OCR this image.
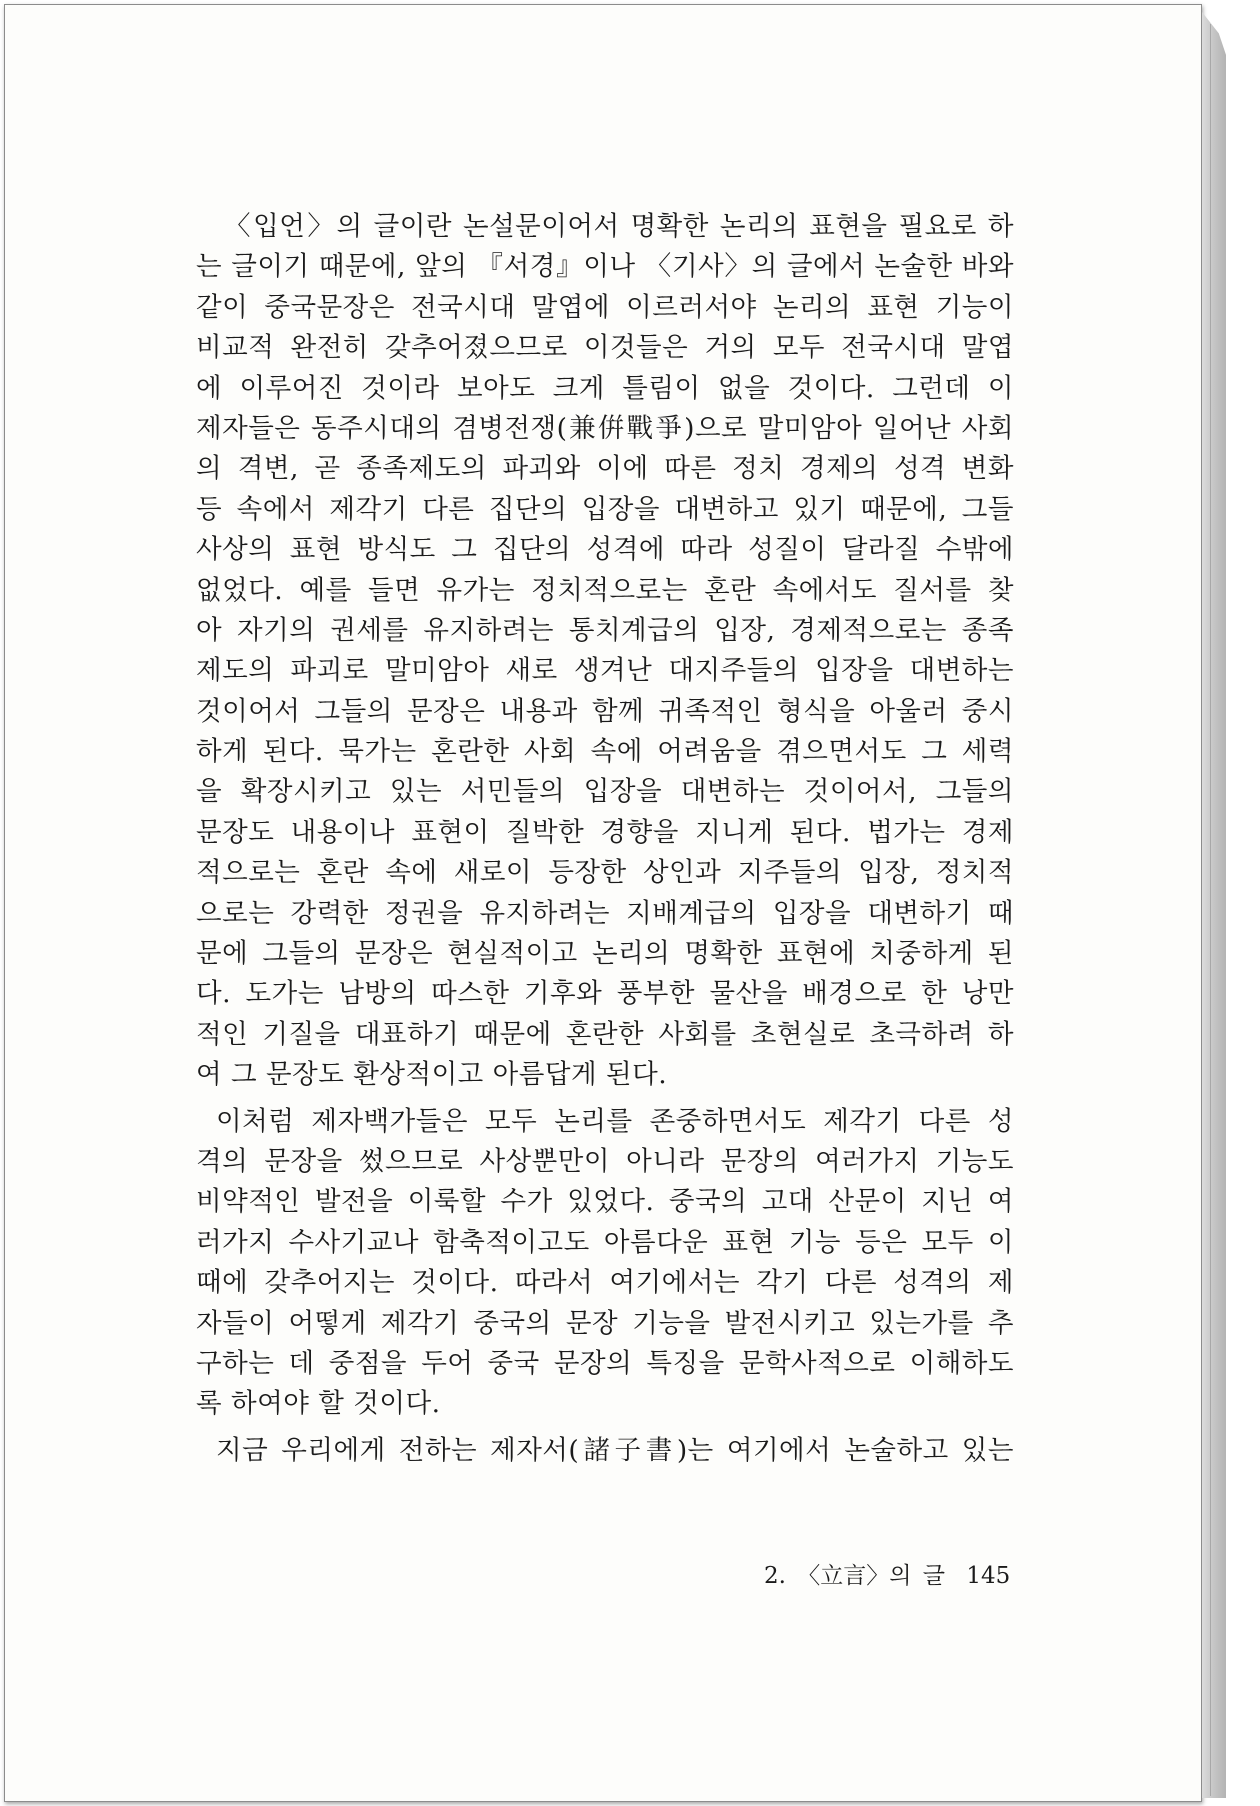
〈입언〉의 글이란 논설문이어서 명확한 논리의 표현을 필요로 하
는 글이기 때문에, 앞의 『서경』이나 〈기사〉의 글에서 논술한 바와
같이 중국문장은 전국시대 말엽에 이르러서야 논리의 표현 기능이
비교적 완전히 갖추어졌으므로 이것들은 거의 모두 전국시대 말엽
에 이루어진 것이라 보아도 크게 틀림이 없을 것이다. 그런데 이
제자들은 동주시대의 겸병전쟁(兼倂戰爭)으로 말미암아 일어난 사회
의 격변, 곧 종족제도의 파괴와 이에 따른 정치 경제의 성격 변화
등 속에서 제각기 다른 집단의 입장을 대변하고 있기 때문에, 그들
사상의 표현 방식도 그 집단의 성격에 따라 성질이 달라질 수밖에
없었다. 예를 들면 유가는 정치적으로는 혼란 속에서도 질서를 찾
아 자기의 권세를 유지하려는 통치계급의 입장, 경제적으로는 종족
제도의 파괴로 말미암아 새로 생겨난 대지주들의 입장을 대변하는
것이어서 그들의 문장은 내용과 함께 귀족적인 형식을 아울러 중시
하게 된다. 묵가는 혼란한 사회 속에 어려움을 겪으면서도 그 세력
을 확장시키고 있는 서민들의 입장을 대변하는 것이어서, 그들의
문장도 내용이나 표현이 질박한 경향을 지니게 된다. 법가는 경제
적으로는 혼란 속에 새로이 등장한 상인과 지주들의 입장, 정치적
으로는 강력한 정권을 유지하려는 지배계급의 입장을 대변하기 때
문에 그들의 문장은 현실적이고 논리의 명확한 표현에 치중하게 된
다. 도가는 남방의 따스한 기후와 풍부한 물산을 배경으로 한 낭만
적인 기질을 대표하기 때문에 혼란한 사회를 초현실로 초극하려 하
여 그 문장도 환상적이고 아름답게 된다.
이처럼 제자백가들은 모두 논리를 존중하면서도 제각기 다른 성
격의 문장을 썼으므로 사상뿐만이 아니라 문장의 여러가지 기능도
비약적인 발전을 이룩할 수가 있었다. 중국의 고대 산문이 지닌 여
러가지 수사기교나 함축적이고도 아름다운 표현 기능 등은 모두 이
때에 갖추어지는 것이다. 따라서 여기에서는 각기 다른 성격의 제
자들이 어떻게 제각기 중국의 문장 기능을 발전시키고 있는가를 추
구하는 데 중점을 두어 중국 문장의 특징을 문학사적으로 이해하도
록 하여야 할 것이다.
지금 우리에게 전하는 제자서(諸子書)는 여기에서 논술하고 있는
2. 〈立言〉의 글 145
